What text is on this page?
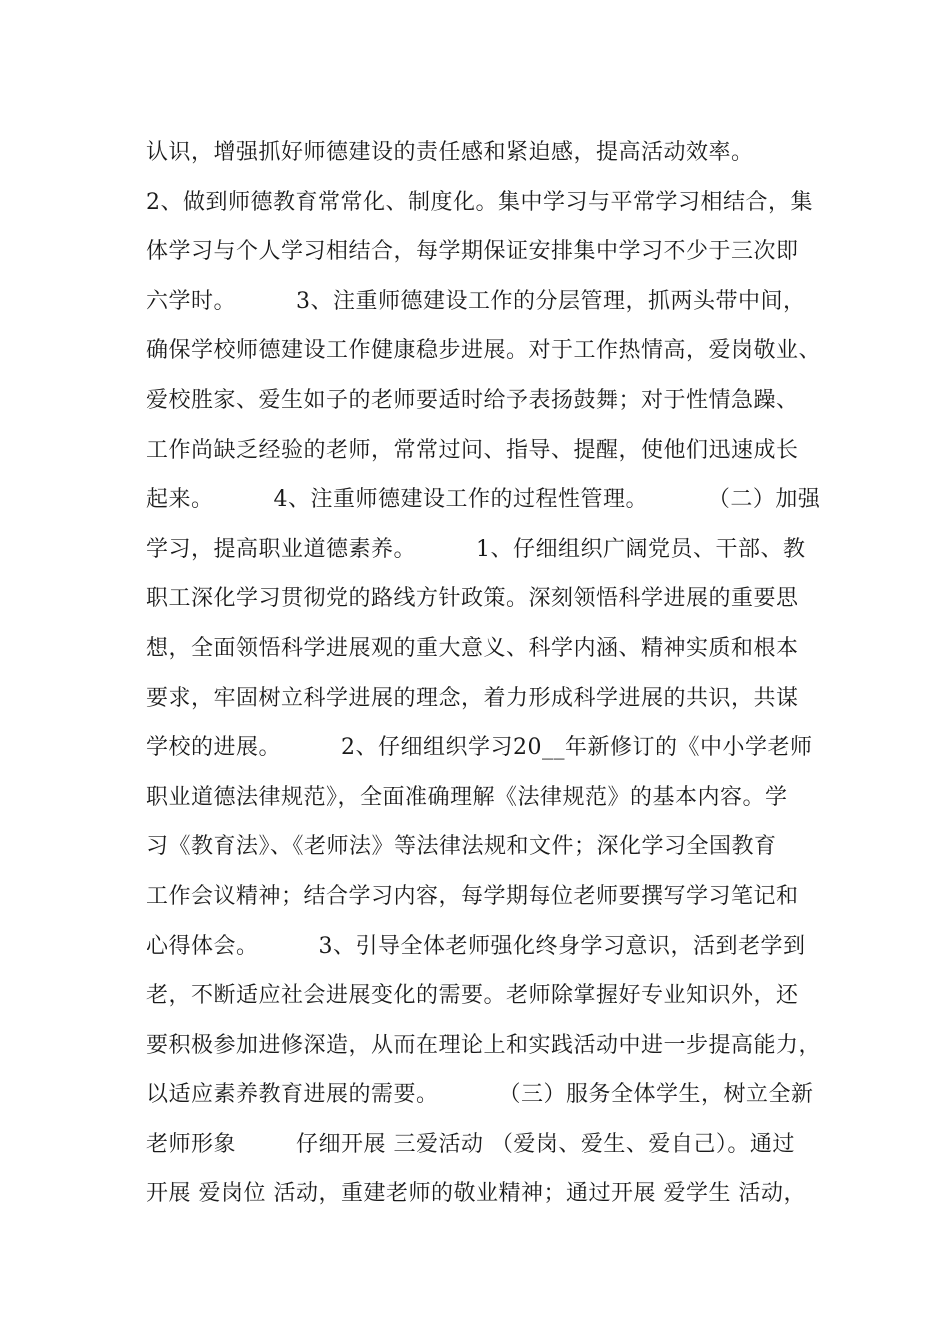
认识，增强抓好师德建设的责任感和紧迫感，提高活动效率。
2、做到师德教育常常化、制度化。集中学习与平常学习相结合，集
体学习与个人学习相结合，每学期保证安排集中学习不少于三次即
六学时。        3、注重师德建设工作的分层管理，抓两头带中间，
确保学校师德建设工作健康稳步进展。对于工作热情高，爱岗敬业、
爱校胜家、爱生如子的老师要适时给予表扬鼓舞；对于性情急躁、
工作尚缺乏经验的老师，常常过问、指导、提醒，使他们迅速成长
起来。        4、注重师德建设工作的过程性管理。        （二）加强
学习，提高职业道德素养。        1、仔细组织广阔党员、干部、教
职工深化学习贯彻党的路线方针政策。深刻领悟科学进展的重要思
想，全面领悟科学进展观的重大意义、科学内涵、精神实质和根本
要求，牢固树立科学进展的理念，着力形成科学进展的共识，共谋
学校的进展。        2、仔细组织学习20__年新修订的《中小学老师
职业道德法律规范》，全面准确理解《法律规范》的基本内容。学
习《教育法》、《老师法》等法律法规和文件；深化学习全国教育
工作会议精神；结合学习内容，每学期每位老师要撰写学习笔记和
心得体会。        3、引导全体老师强化终身学习意识，活到老学到
老，不断适应社会进展变化的需要。老师除掌握好专业知识外，还
要积极参加进修深造，从而在理论上和实践活动中进一步提高能力，
以适应素养教育进展的需要。        （三）服务全体学生，树立全新
老师形象        仔细开展 三爱活动 （爱岗、爱生、爱自己）。通过
开展 爱岗位 活动，重建老师的敬业精神；通过开展 爱学生 活动，
